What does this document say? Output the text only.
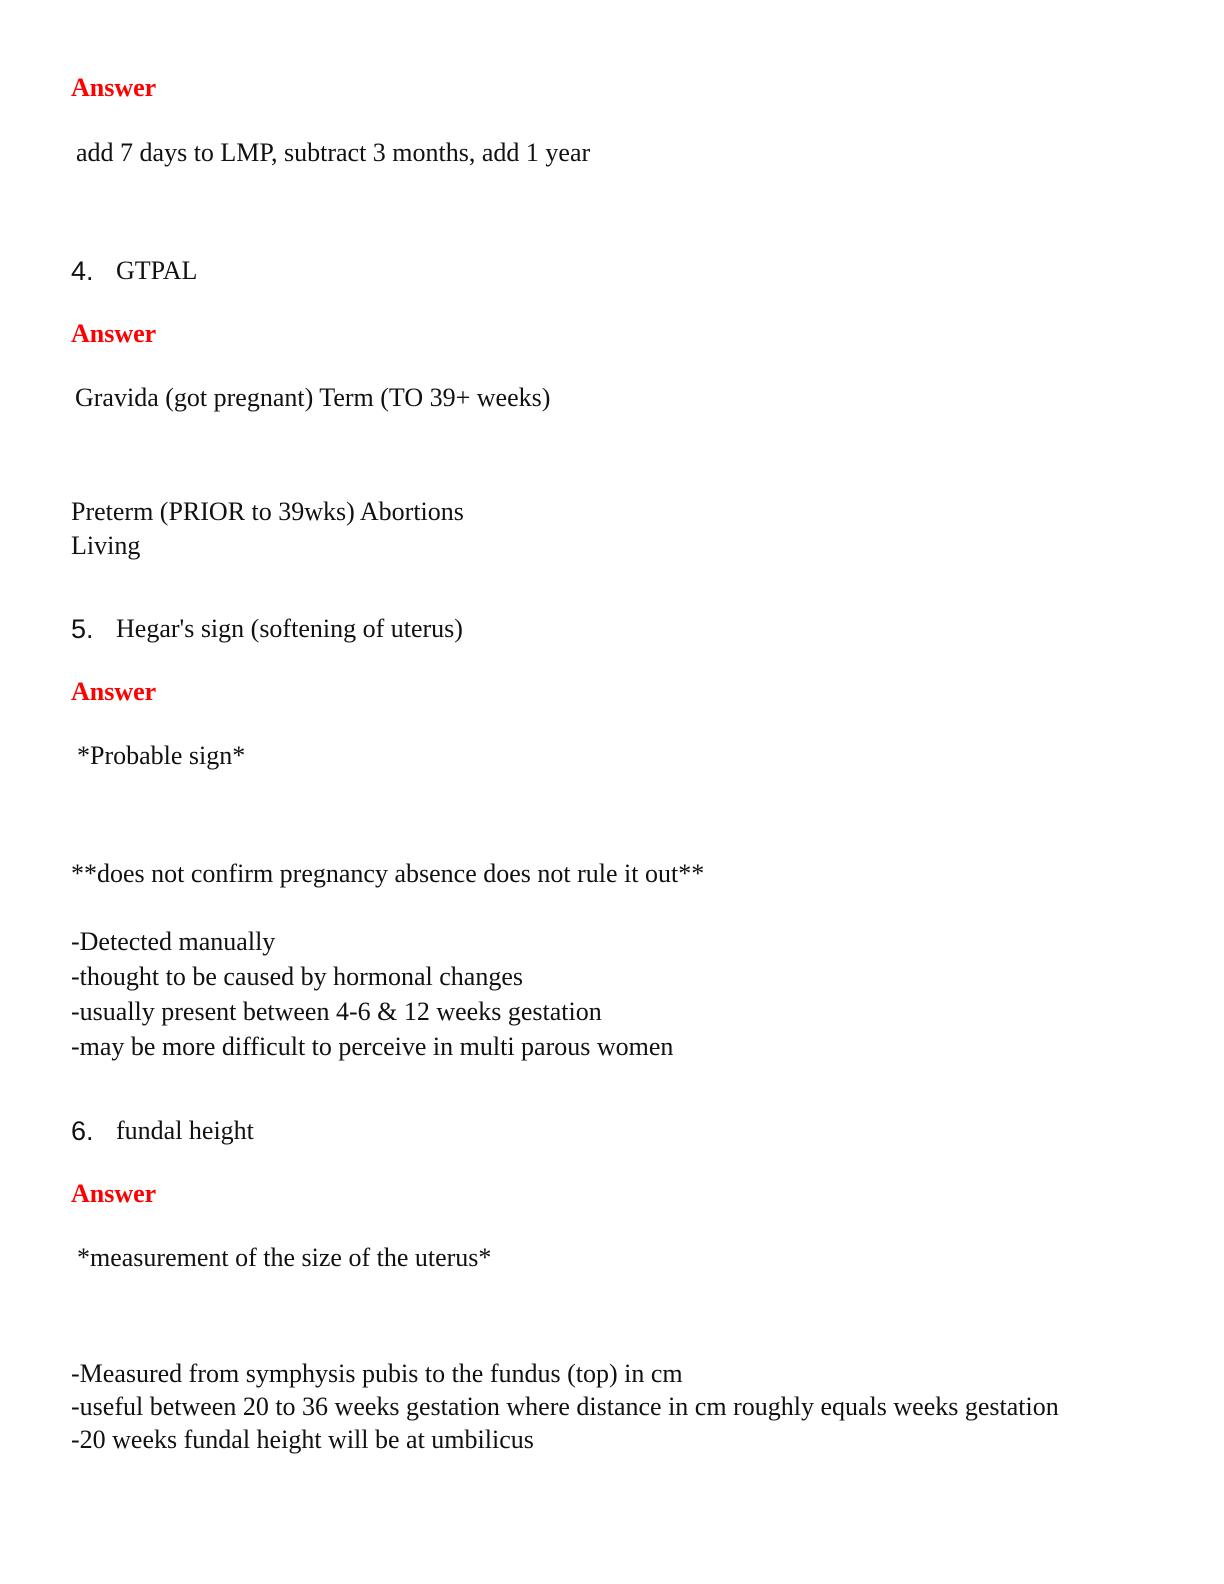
Answer
add 7 days to LMP, subtract 3 months, add 1 year
4. GTPAL
Answer
Gravida (got pregnant) Term (TO 39+ weeks)
Preterm (PRIOR to 39wks) Abortions
Living
5. Hegar's sign (softening of uterus)
Answer
*Probable sign*
**does not confirm pregnancy absence does not rule it out**
-Detected manually
-thought to be caused by hormonal changes
-usually present between 4-6 & 12 weeks gestation
-may be more difficult to perceive in multi parous women
6. fundal height
Answer
*measurement of the size of the uterus*
-Measured from symphysis pubis to the fundus (top) in cm
-useful between 20 to 36 weeks gestation where distance in cm roughly equals weeks gestation
-20 weeks fundal height will be at umbilicus
